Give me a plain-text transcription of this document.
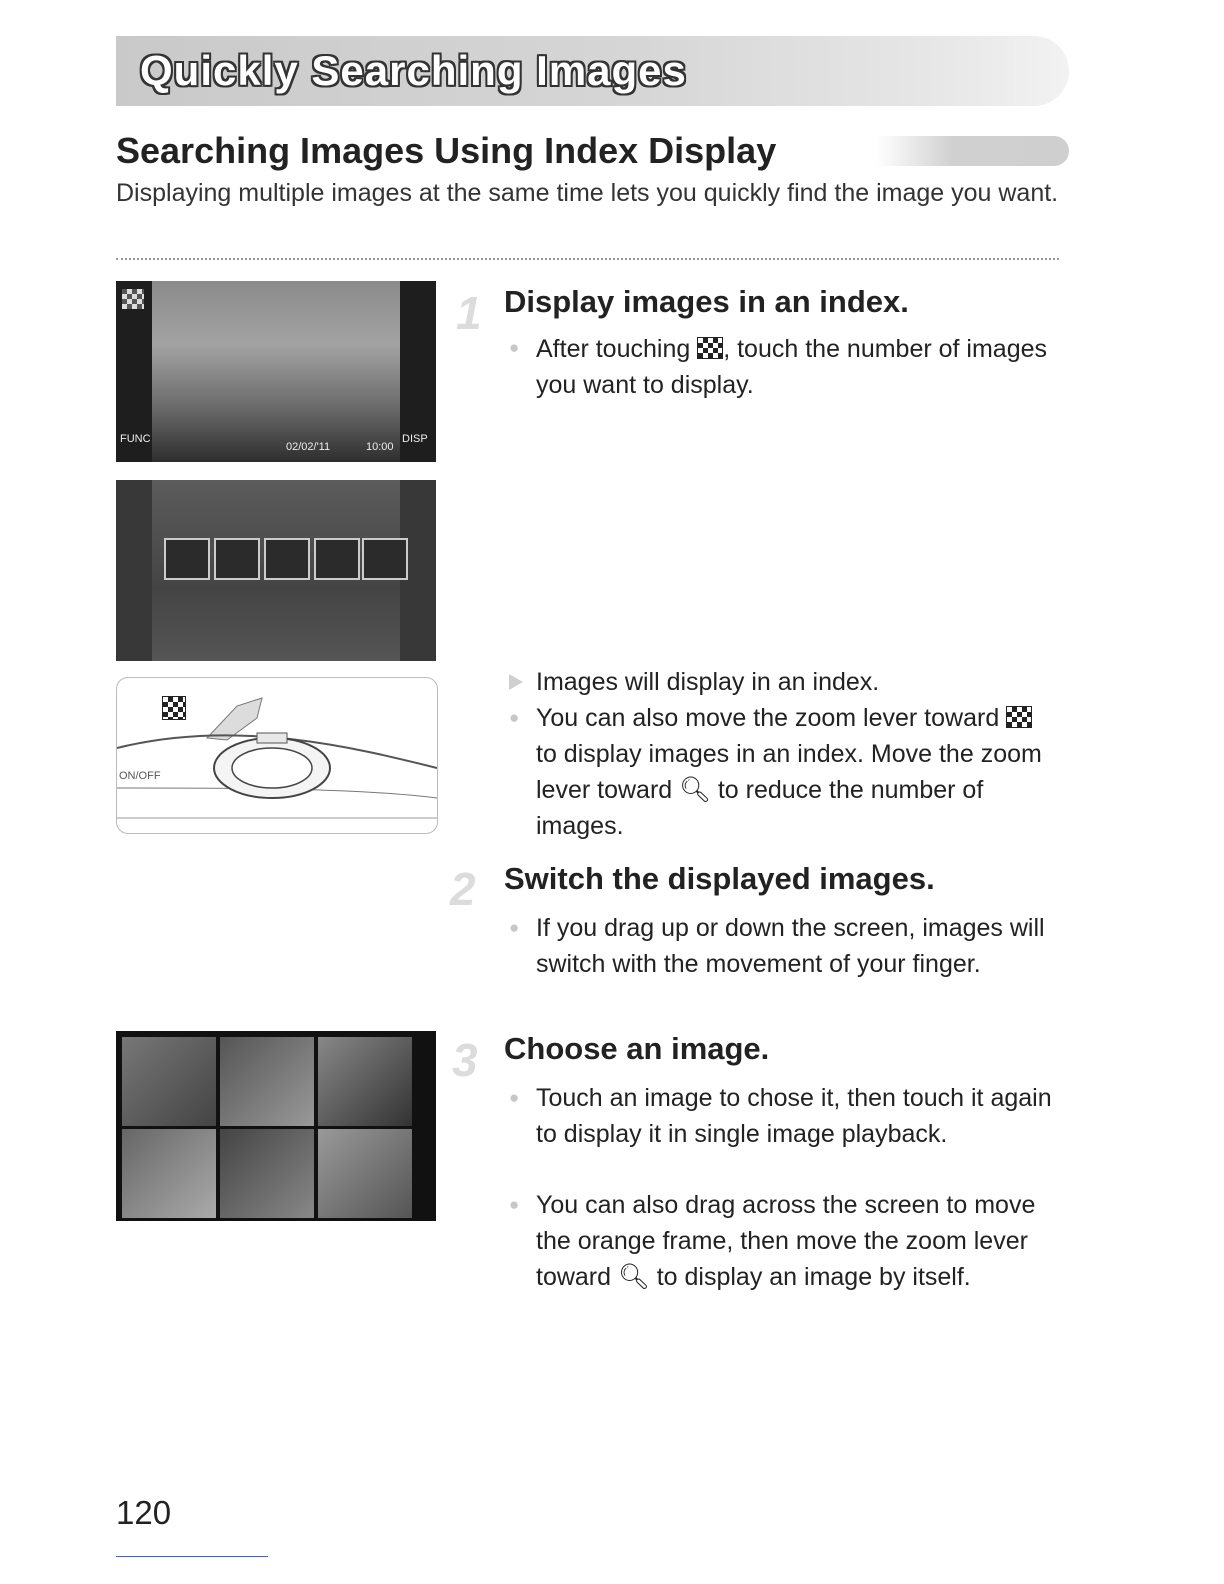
Quickly Searching Images
Searching Images Using Index Display
Displaying multiple images at the same time lets you quickly find the image you want.
FUNC	DISP
02/02/'11	10:00
ON/OFF
1 Display images in an index.
● After touching , touch the number of images you want to display.
Images will display in an index.
● You can also move the zoom lever toward  to display images in an index. Move the zoom lever toward 🔍︎ to reduce the number of images.
2 Switch the displayed images.
● If you drag up or down the screen, images will switch with the movement of your finger.
3 Choose an image.
● Touch an image to chose it, then touch it again to display it in single image playback.
● You can also drag across the screen to move the orange frame, then move the zoom lever toward 🔍︎ to display an image by itself.
120
